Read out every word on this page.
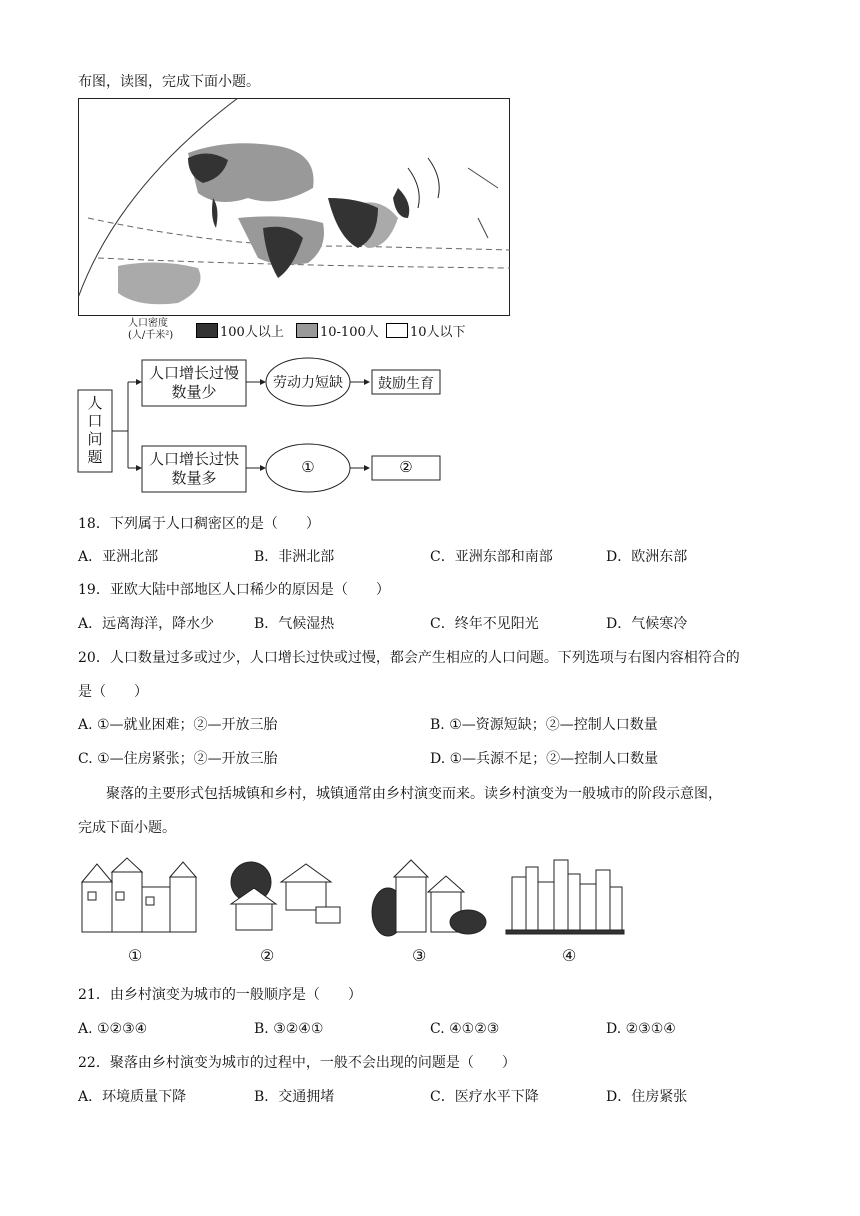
布图，读图，完成下面小题。
人口密度
(人/千米²)	100人以上	10-100人 10人以下
人
口
问
题
人口增长过慢
数量少
人口增长过快
数量多
劳动力短缺
①
鼓励生育
②
18．下列属于人口稠密区的是（　　）
A．亚洲北部	B．非洲北部	C．亚洲东部和南部	D．欧洲东部
19．亚欧大陆中部地区人口稀少的原因是（　　）
A．远离海洋，降水少	B．气候湿热	C．终年不见阳光	D．气候寒冷
20．人口数量过多或过少，人口增长过快或过慢，都会产生相应的人口问题。下列选项与右图内容相符合的
是（　　）
A. ①—就业困难；②—开放三胎	B. ①—资源短缺；②—控制人口数量
C. ①—住房紧张；②—开放三胎	D. ①—兵源不足；②—控制人口数量
聚落的主要形式包括城镇和乡村，城镇通常由乡村演变而来。读乡村演变为一般城市的阶段示意图，
完成下面小题。
①	②	③	④
21．由乡村演变为城市的一般顺序是（　　）
A. ①②③④	B. ③②④①	C. ④①②③	D. ②③①④
22．聚落由乡村演变为城市的过程中，一般不会出现的问题是（　　）
A．环境质量下降	B．交通拥堵	C．医疗水平下降	D．住房紧张
